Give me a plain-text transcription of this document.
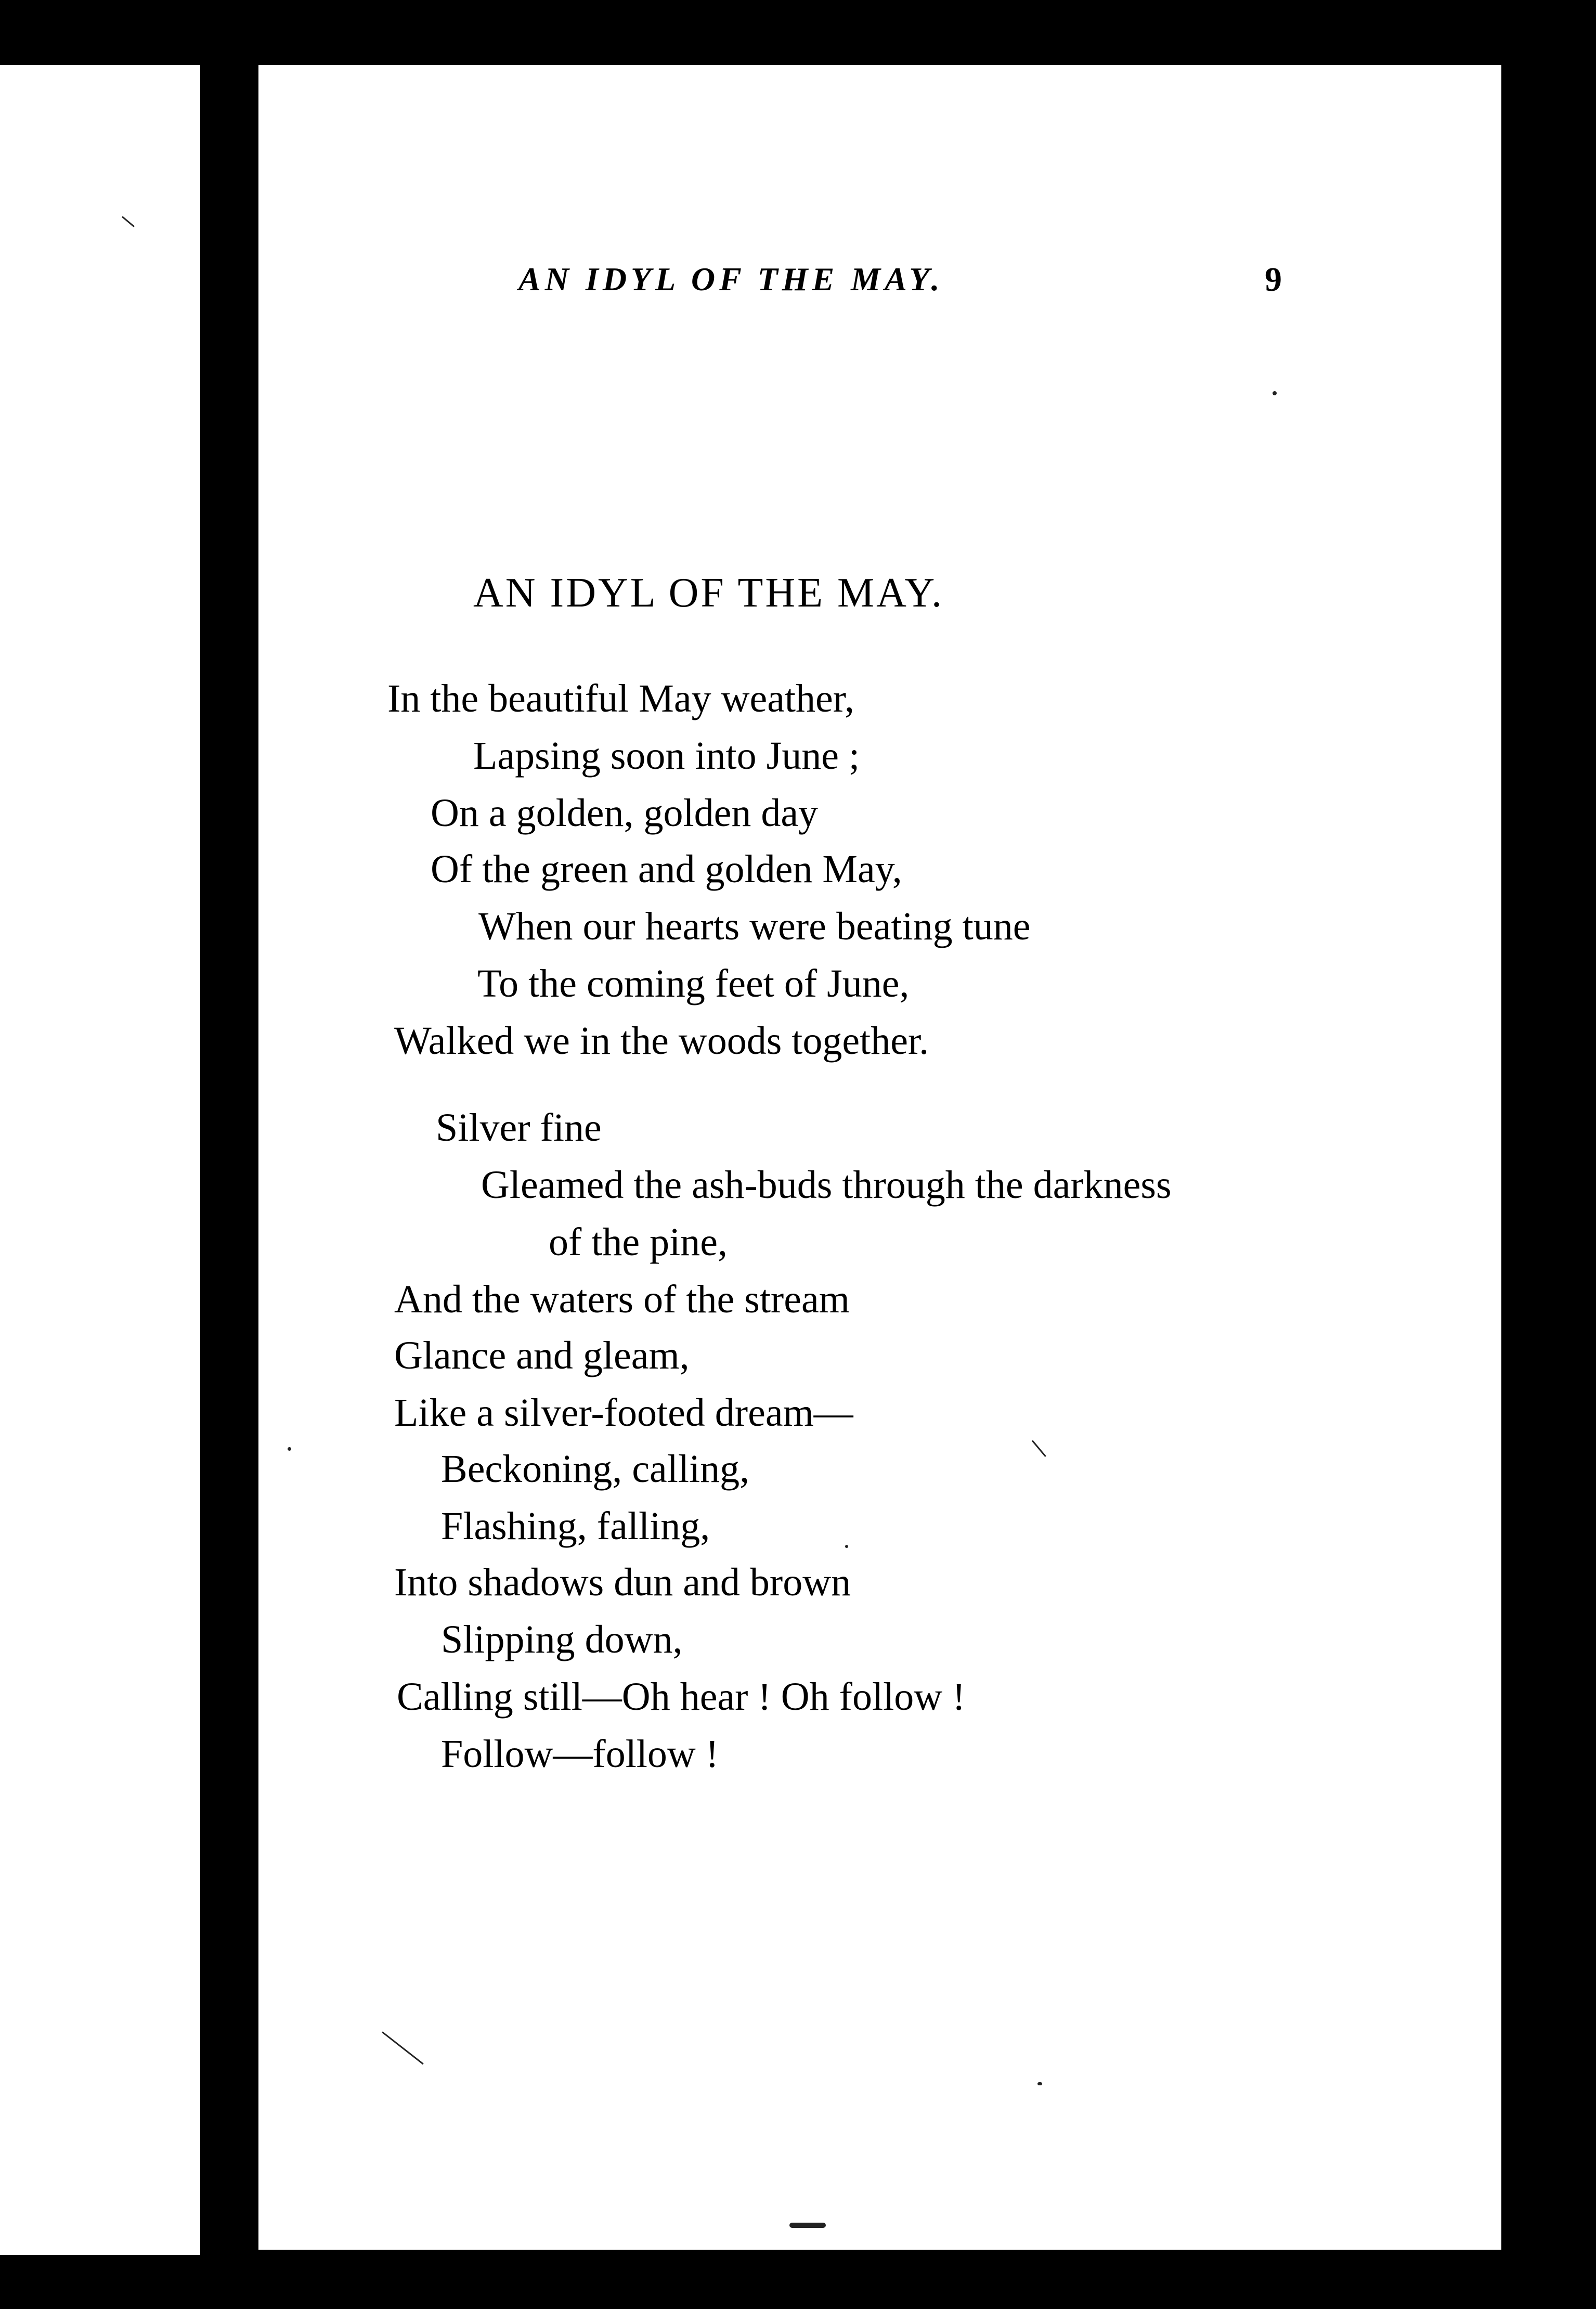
AN IDYL OF THE MAY.	9
AN IDYL OF THE MAY.
In the beautiful May weather,
Lapsing soon into June ;
On a golden, golden day
Of the green and golden May,
When our hearts were beating tune
To the coming feet of June,
Walked we in the woods together.
Silver fine
Gleamed the ash-buds through the darkness
of the pine,
And the waters of the stream
Glance and gleam,
Like a silver-footed dream—
Beckoning, calling,
Flashing, falling,
Into shadows dun and brown
Slipping down,
Calling still—Oh hear ! Oh follow !
Follow—follow !
